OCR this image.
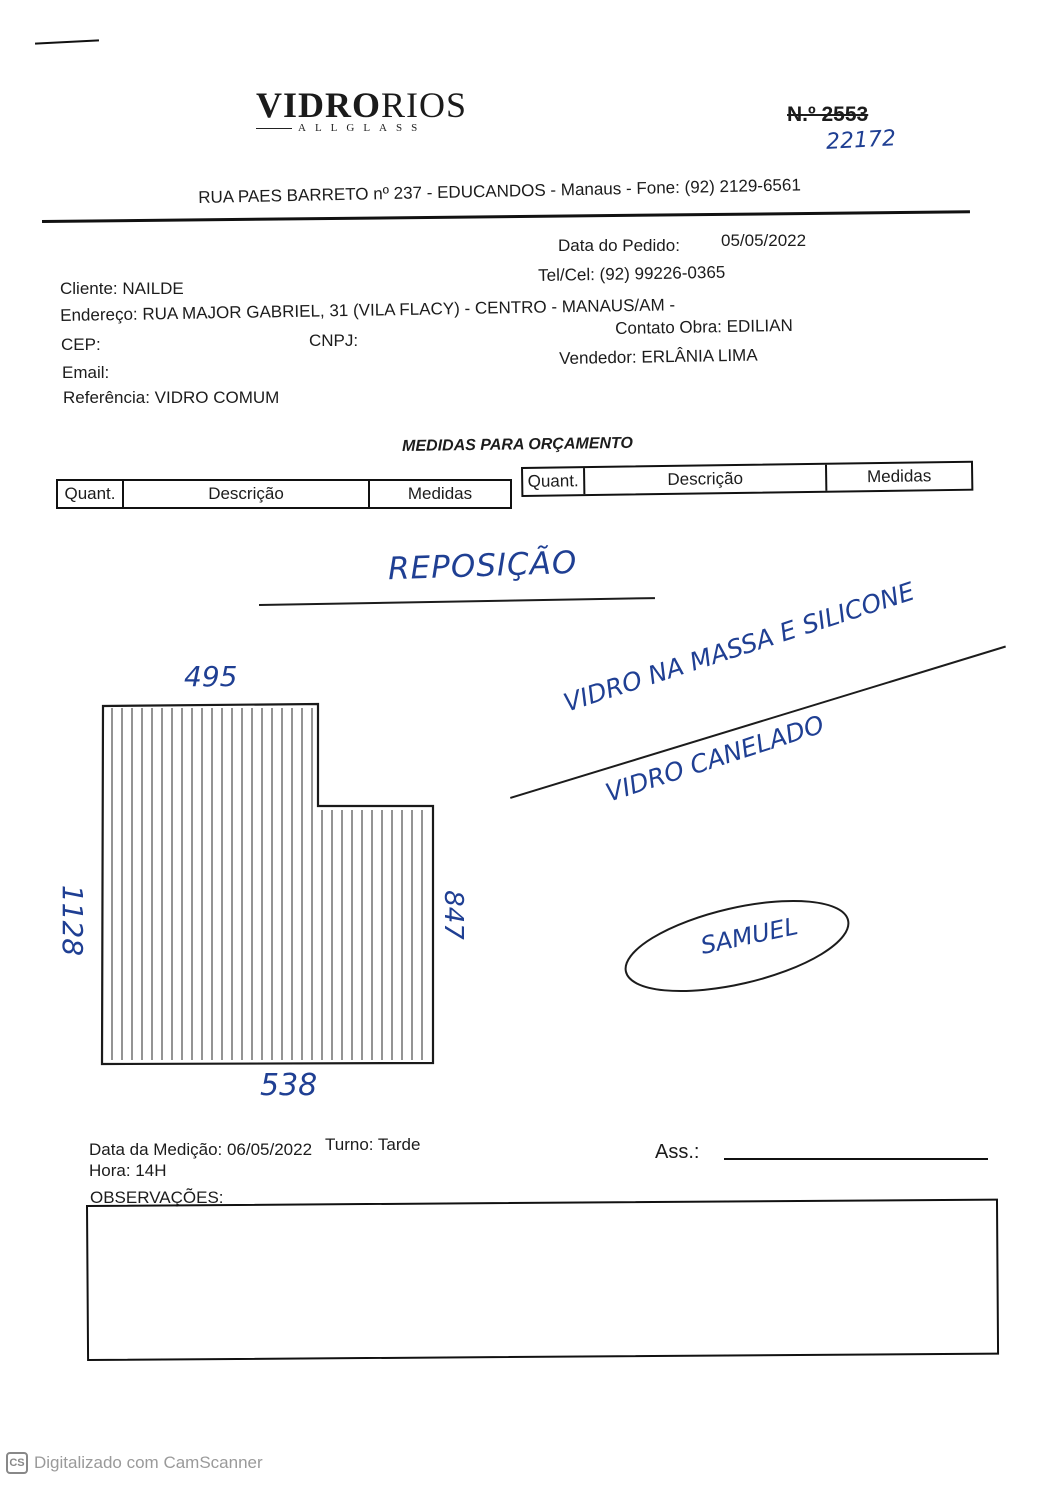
VIDRORIOS
ALLGLASS
N.º 2553
22172
RUA PAES BARRETO nº 237 - EDUCANDOS - Manaus - Fone: (92) 2129-6561
Data do Pedido: 05/05/2022
Cliente: NAILDE
Tel/Cel: (92) 99226-0365
Endereço: RUA MAJOR GABRIEL, 31 (VILA FLACY) - CENTRO - MANAUS/AM -
CEP:	CNPJ:
Contato Obra: EDILIAN
Email:
Vendedor: ERLÂNIA LIMA
Referência: VIDRO COMUM
MEDIDAS PARA ORÇAMENTO
Quant.	Descrição	Medidas
Quant.	Descrição	Medidas
REPOSIÇÃO
495
1128	847
538
VIDRO NA MASSA E SILICONE
VIDRO CANELADO
SAMUEL
Data da Medição: 06/05/2022 Turno: Tarde
Hora: 14H
Ass.:
OBSERVAÇÕES:
CS Digitalizado com CamScanner
